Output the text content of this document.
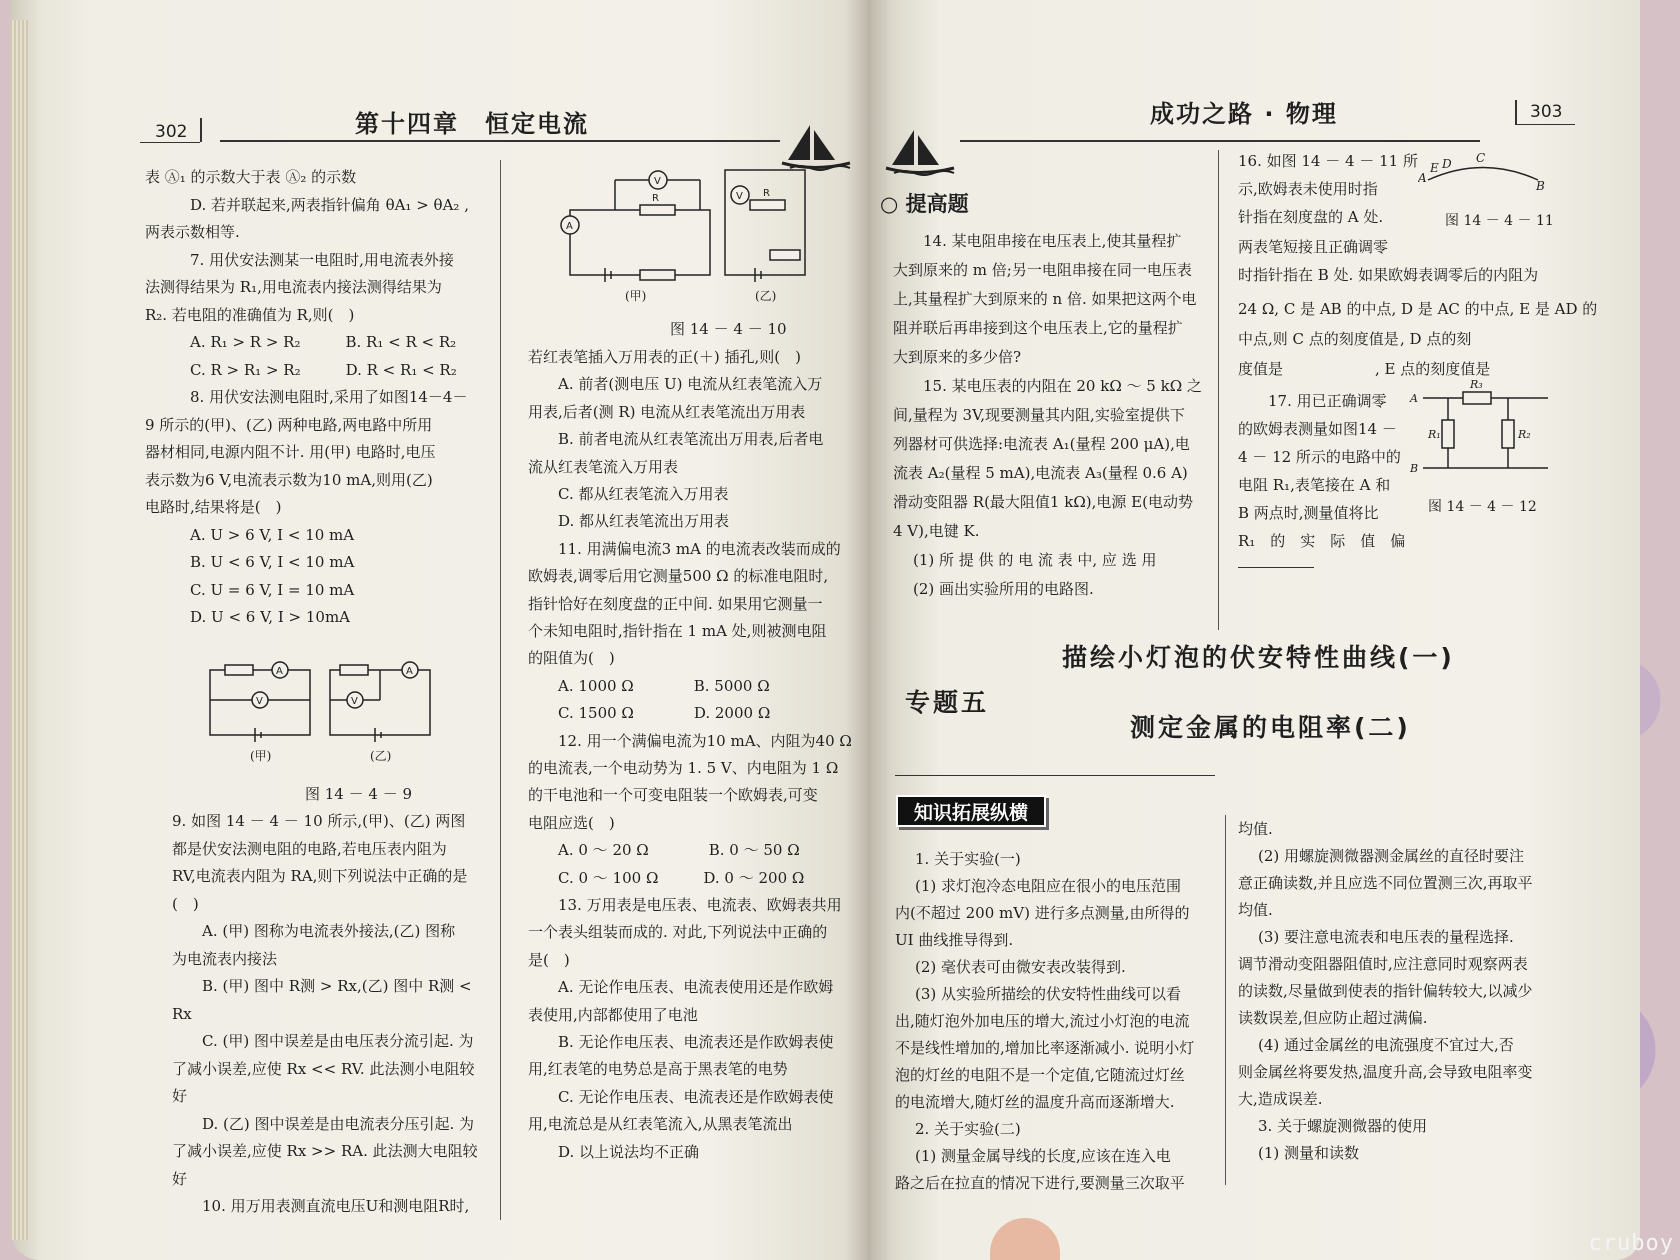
302	第十四章　恒定电流
表 Ⓐ₁ 的示数大于表 Ⓐ₂ 的示数
D. 若并联起来,两表指针偏角 θA₁ > θA₂ ,
两表示数相等.
7. 用伏安法测某一电阻时,用电流表外接
法测得结果为 R₁,用电流表内接法测得结果为
R₂. 若电阻的准确值为 R,则(　)
A. R₁ > R > R₂　　　B. R₁ < R < R₂
C. R > R₁ > R₂　　　D. R < R₁ < R₂
8. 用伏安法测电阻时,采用了如图14－4－
9 所示的(甲)、(乙) 两种电路,两电路中所用
器材相同,电源内阻不计. 用(甲) 电路时,电压
表示数为6 V,电流表示数为10 mA,则用(乙)
电路时,结果将是(　)
A. U > 6 V, I < 10 mA
B. U < 6 V, I < 10 mA
C. U = 6 V, I = 10 mA
D. U < 6 V, I > 10mA
A
V
A
V
(甲)	(乙)
图 14 － 4 － 9
9. 如图 14 － 4 － 10 所示,(甲)、(乙) 两图
都是伏安法测电阻的电路,若电压表内阻为
RV,电流表内阻为 RA,则下列说法中正确的是
(　)
A. (甲) 图称为电流表外接法,(乙) 图称
为电流表内接法
B. (甲) 图中 R测 > Rx,(乙) 图中 R测 <
Rx
C. (甲) 图中误差是由电压表分流引起. 为
了减小误差,应使 Rx << RV. 此法测小电阻较
好
D. (乙) 图中误差是由电流表分压引起. 为
了减小误差,应使 Rx >> RA. 此法测大电阻较
好
10. 用万用表测直流电压U和测电阻R时,
V
A
R	V R
(甲)	(乙)
图 14 － 4 － 10
若红表笔插入万用表的正(＋) 插孔,则(　)
A. 前者(测电压 U) 电流从红表笔流入万
用表,后者(测 R) 电流从红表笔流出万用表
B. 前者电流从红表笔流出万用表,后者电
流从红表笔流入万用表
C. 都从红表笔流入万用表
D. 都从红表笔流出万用表
11. 用满偏电流3 mA 的电流表改装而成的
欧姆表,调零后用它测量500 Ω 的标准电阻时,
指针恰好在刻度盘的正中间. 如果用它测量一
个未知电阻时,指针指在 1 mA 处,则被测电阻
的阻值为(　)
A. 1000 Ω　　　　B. 5000 Ω
C. 1500 Ω　　　　D. 2000 Ω
12. 用一个满偏电流为10 mA、内阻为40 Ω
的电流表,一个电动势为 1. 5 V、内电阻为 1 Ω
的干电池和一个可变电阻装一个欧姆表,可变
电阻应选(　)
A. 0 ～ 20 Ω　　　　B. 0 ～ 50 Ω
C. 0 ～ 100 Ω　　　D. 0 ～ 200 Ω
13. 万用表是电压表、电流表、欧姆表共用
一个表头组装而成的. 对此,下列说法中正确的
是(　)
A. 无论作电压表、电流表使用还是作欧姆
表使用,内部都使用了电池
B. 无论作电压表、电流表还是作欧姆表使
用,红表笔的电势总是高于黑表笔的电势
C. 无论作电压表、电流表还是作欧姆表使
用,电流总是从红表笔流入,从黑表笔流出
D. 以上说法均不正确
成功之路 · 物理	303
○ 提高题
14. 某电阻串接在电压表上,使其量程扩
大到原来的 m 倍;另一电阻串接在同一电压表
上,其量程扩大到原来的 n 倍. 如果把这两个电
阻并联后再串接到这个电压表上,它的量程扩
大到原来的多少倍?
15. 某电压表的内阻在 20 kΩ ～ 5 kΩ 之
间,量程为 3V,现要测量其内阻,实验室提供下
列器材可供选择:电流表 A₁(量程 200 μA),电
流表 A₂(量程 5 mA),电流表 A₃(量程 0.6 A)
滑动变阻器 R(最大阻值1 kΩ),电源 E(电动势
4 V),电键 K.
(1) 所 提 供 的 电 流 表 中, 应 选 用
(2) 画出实验所用的电路图.
16. 如图 14 － 4 － 11 所
示,欧姆表未使用时指
针指在刻度盘的 A 处.
两表笔短接且正确调零
时指针指在 B 处. 如果欧姆表调零后的内阻为
24 Ω, C 是 AB 的中点, D 是 AC 的中点, E 是 AD 的
中点,则 C 点的刻度值是 , D 点的刻
度值是	, E 点的刻度值是
17. 用已正确调零
的欧姆表测量如图14 －
4 － 12 所示的电路中的
电阻 R₁,表笔接在 A 和
B 两点时,测量值将比
R₁　的　实　际　值　偏
A
E D C
B
图 14 － 4 － 11
A
B
R₁	R₂
R₃
图 14 － 4 － 12
专题五
描绘小灯泡的伏安特性曲线(一)
测定金属的电阻率(二)
知识拓展纵横
1. 关于实验(一)
(1) 求灯泡冷态电阻应在很小的电压范围
内(不超过 200 mV) 进行多点测量,由所得的
UI 曲线推导得到.
(2) 毫伏表可由微安表改装得到.
(3) 从实验所描绘的伏安特性曲线可以看
出,随灯泡外加电压的增大,流过小灯泡的电流
不是线性增加的,增加比率逐渐减小. 说明小灯
泡的灯丝的电阻不是一个定值,它随流过灯丝
的电流增大,随灯丝的温度升高而逐渐增大.
2. 关于实验(二)
(1) 测量金属导线的长度,应该在连入电
路之后在拉直的情况下进行,要测量三次取平
均值.
(2) 用螺旋测微器测金属丝的直径时要注
意正确读数,并且应选不同位置测三次,再取平
均值.
(3) 要注意电流表和电压表的量程选择.
调节滑动变阻器阻值时,应注意同时观察两表
的读数,尽量做到使表的指针偏转较大,以减少
读数误差,但应防止超过满偏.
(4) 通过金属丝的电流强度不宜过大,否
则金属丝将要发热,温度升高,会导致电阻率变
大,造成误差.
3. 关于螺旋测微器的使用
(1) 测量和读数
cruboy
